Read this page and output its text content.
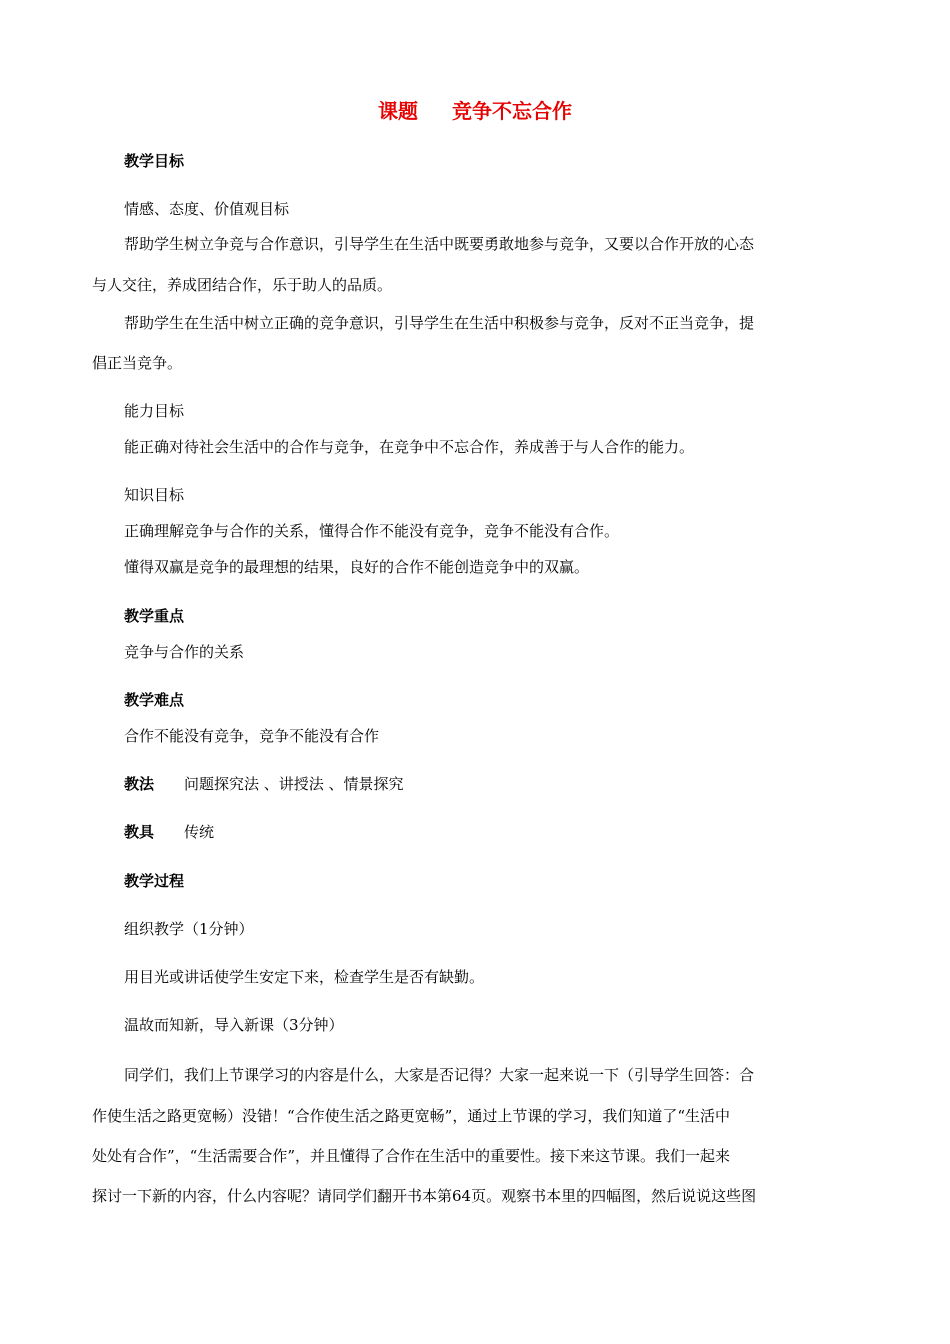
课题 竞争不忘合作
教学目标
情感、态度、价值观目标
帮助学生树立争竞与合作意识，引导学生在生活中既要勇敢地参与竞争，又要以合作开放的心态
与人交往，养成团结合作，乐于助人的品质。
帮助学生在生活中树立正确的竞争意识，引导学生在生活中积极参与竞争，反对不正当竞争，提
倡正当竞争。
能力目标
能正确对待社会生活中的合作与竞争，在竞争中不忘合作，养成善于与人合作的能力。
知识目标
正确理解竞争与合作的关系，懂得合作不能没有竞争，竞争不能没有合作。
懂得双赢是竞争的最理想的结果，良好的合作不能创造竞争中的双赢。
教学重点
竞争与合作的关系
教学难点
合作不能没有竞争，竞争不能没有合作
教法 问题探究法 、讲授法 、情景探究
教具 传统
教学过程
组织教学（1分钟）
用目光或讲话使学生安定下来，检查学生是否有缺勤。
温故而知新，导入新课（3分钟）
同学们，我们上节课学习的内容是什么，大家是否记得？大家一起来说一下（引导学生回答：合
作使生活之路更宽畅）没错！“合作使生活之路更宽畅”，通过上节课的学习，我们知道了“生活中
处处有合作”，“生活需要合作”，并且懂得了合作在生活中的重要性。接下来这节课。我们一起来
探讨一下新的内容，什么内容呢？请同学们翻开书本第64页。观察书本里的四幅图，然后说说这些图
